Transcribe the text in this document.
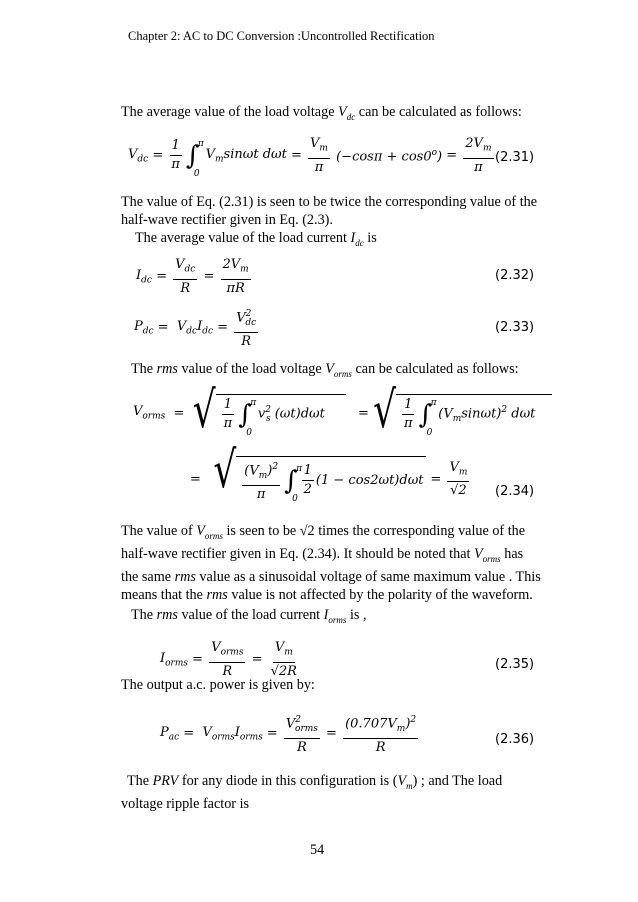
Chapter 2: AC to DC Conversion :Uncontrolled Rectification
The average value of the load voltage $V_{dc}$ can be calculated as follows:
$V_{dc} = \frac{1}{\pi}$ ∫
π
0

$V_m\sin\omega t$ $d\omega t = \frac{V_m}{\pi}$
$(-\cos\pi + \cos 0^o) = \frac{2V_m}{\pi} (2.31)$
The value of Eq. (2.31) is seen to be twice the corresponding value of the
half-wave rectifier given in Eq. (2.3).
The average value of the load current $I_{dc}$ is
$I_{dc} = \frac{V_{dc}}{R} = \frac{2V_m}{\pi R}$	(2.32)
$P_{dc} = V_{dc}I_{dc} = \frac{V^2_{dc}}{R}$	(2.33)
The rms value of the load voltage $V_{orms}$ can be calculated as follows:
$V_{orms}$ = √ $\frac{1}{\pi}$ ∫
π
0

$v^2_s$ (ωt)dωt = √ $\frac{1}{\pi}$ ∫
π
0

$(V_m\sin\omega t)^2$ dωt
=
√ $\frac{(V_m)^2}{\pi}$ ∫
π
0
$\frac{1}{2} (1 - \cos 2\omega t)d\omega t = \frac{V_m}{√2} (2.34)$
The value of $V_{orms}$ is seen to be √2 times the corresponding value of the
half-wave rectifier given in Eq. (2.34). It should be noted that $V_{orms}$ has
the same rms value as a sinusoidal voltage of same maximum value . This
means that the rms value is not affected by the polarity of the waveform.
The rms value of the load current $I_{orms}$ is ,
$I_{orms} = \frac{V_{orms}}{R} = \frac{V_m}{√2R}$	(2.35)
The output a.c. power is given by:
$P_{ac} = V_{orms}I_{orms} = \frac{V^2_{orms}}{R} = \frac{(0.707V_m)^2}{R}$	(2.36)
The PRV for any diode in this configuration is $(V_m)$ ; and The load
voltage ripple factor is
54
